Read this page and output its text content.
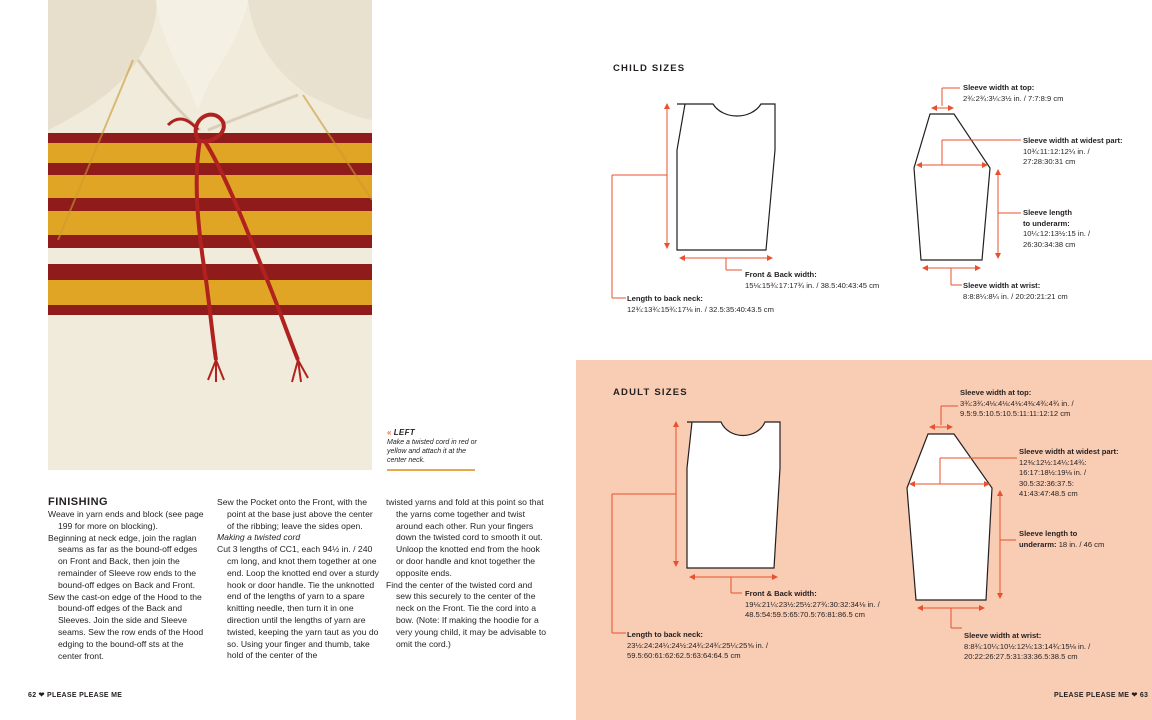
« LEFT
Make a twisted cord in red or yellow and attach it at the center neck.
FINISHING

Weave in yarn ends and block (see page 199 for more on blocking).

Beginning at neck edge, join the raglan seams as far as the bound-off edges on Front and Back, then join the remainder of Sleeve row ends to the bound-off edges on Back and Front.

Sew the cast-on edge of the Hood to the bound-off edges of the Back and Sleeves. Join the side and Sleeve seams. Sew the row ends of the Hood edging to the bound-off sts at the center front.

Sew the Pocket onto the Front, with the point at the base just above the center of the ribbing; leave the sides open.

Making a twisted cord

Cut 3 lengths of CC1, each 94½ in. / 240 cm long, and knot them together at one end. Loop the knotted end over a sturdy hook or door handle. Tie the unknotted end of the lengths of yarn to a spare knitting needle, then turn it in one direction until the lengths of yarn are twisted, keeping the yarn taut as you do so. Using your finger and thumb, take hold of the center of the

twisted yarns and fold at this point so that the yarns come together and twist around each other. Run your fingers down the twisted cord to smooth it out. Unloop the knotted end from the hook or door handle and knot together the opposite ends.

Find the center of the twisted cord and sew this securely to the center of the neck on the Front. Tie the cord into a bow. (Note: If making the hoodie for a very young child, it may be advisable to omit the cord.)

62 ❤ PLEASE PLEASE ME
CHILD SIZES
ADULT SIZES
Front & Back width:
15⅛:15¾:17:17¾ in. / 38.5:40:43:45 cm
Length to back neck:
12¾:13¾:15¾:17⅛ in. / 32.5:35:40:43.5 cm
Sleeve width at top:
2¾:2¾:3¼:3½ in. / 7:7:8:9 cm
Sleeve width at widest part:
10¾:11:12:12¼ in. /
27:28:30:31 cm
Sleeve length
to underarm:
10¼:12:13½:15 in. /
26:30:34:38 cm
Sleeve width at wrist:
8:8:8¼:8¼ in. / 20:20:21:21 cm
Front & Back width:
19⅛:21¼:23½:25½:27¾:30:32:34⅛ in. /
48.5:54:59.5:65:70.5:76:81:86.5 cm
Length to back neck:
23½:24:24¼:24½:24¾:24¾:25¼:25⅝ in. /
59.5:60:61:62:62.5:63:64:64.5 cm
Sleeve width at top:
3¾:3¾:4⅛:4⅛:4⅛:4⅜:4¾:4¾ in. /
9.5:9.5:10.5:10.5:11:11:12:12 cm
Sleeve width at widest part:
12⅜:12½:14¼:14¾:
16:17:18½:19⅛ in. /
30.5:32:36:37.5:
41:43:47:48.5 cm
Sleeve length to
underarm: 18 in. / 46 cm
Sleeve width at wrist:
8:8¾:10¼:10½:12¼:13:14¾:15⅛ in. /
20:22:26:27.5:31:33:36.5:38.5 cm
PLEASE PLEASE ME ❤ 63
